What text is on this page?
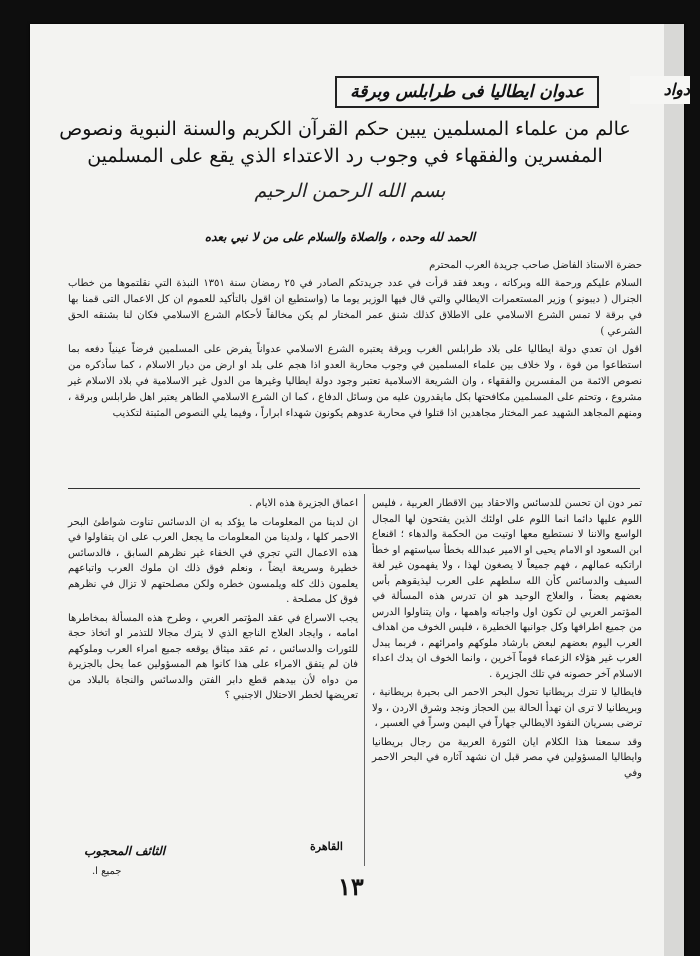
دواد
عدوان ايطاليا فى طرابلس وبرقة
عالم من علماء المسلمين يبين حكم القرآن الكريم والسنة النبوية ونصوص المفسرين والفقهاء في وجوب رد الاعتداء الذي يقع على المسلمين
بسم الله الرحمن الرحيم
الحمد لله وحده ، والصلاة والسلام على من لا نبي بعده

حضرة الاستاذ الفاضل صاحب جريدة العرب المحترم

السلام عليكم ورحمة الله وبركاته ، وبعد فقد قرأت في عدد جريدتكم الصادر في ٢٥ رمضان سنة ١٣٥١ النبذة التي نقلتموها من خطاب الجنرال ( ديبونو ) وزير المستعمرات الايطالي والتي قال فيها الوزير يوما ما (واستطيع ان اقول بالتأكيد للعموم ان كل الاعمال التى قمنا بها في برقة لا تمس الشرع الاسلامي على الاطلاق كذلك شنق عمر المختار لم يكن مخالفاً لأحكام الشرع الاسلامي فكان لنا بشنقه الحق الشرعي )

اقول ان تعدي دولة ايطاليا على بلاد طرابلس الغرب وبرقة يعتبره الشرع الاسلامي عدواناً يفرض على المسلمين فرضاً عينياً دفعه بما استطاعوا من قوة ، ولا خلاف بين علماء المسلمين في وجوب محاربة العدو اذا هجم على بلد او ارض من ديار الاسلام ، كما سأذكره من نصوص الائمة من المفسرين والفقهاء ، وان الشريعة الاسلامية تعتبر وجود دولة ايطاليا وغيرها من الدول غير الاسلامية في بلاد الاسلام غير مشروع ، وتحتم على المسلمين مكافحتها بكل مايقدرون عليه من وسائل الدفاع ، كما ان الشرع الاسلامي الطاهر يعتبر اهل طرابلس وبرقة ، ومنهم المجاهد الشهيد عمر المختار مجاهدين اذا قتلوا في محاربة عدوهم يكونون شهداء ابراراً ، وفيما يلي النصوص المثبتة لتكذيب

تمر دون ان تحسن للدسائس والاحقاد بين الاقطار العربية ، فليس اللوم عليها دائما انما اللوم على اولئك الذين يفتحون لها المجال الواسع والاننا لا نستطيع معها اوتيت من الحكمة والدهاء ؛ اقنعاع ابن السعود او الامام يحيى او الامير عبدالله بخطأ سياستهم او خطأ اراتكبه عمالهم ، فهم جميعاً لا يصغون لهذا ، ولا يفهمون غير لغة السيف والدسائس كأن الله سلطهم على العرب ليذيقوهم بأس بعضهم بعضاً ، والعلاج الوحيد هو ان تدرس هذه المسألة في المؤتمر العربي لن تكون اول واجباته واهمها ، وان يتناولوا الدرس من جميع اطرافها وكل جوانبها الخطيرة ، فليس الخوف من اهداف العرب اليوم بعضهم لبعض بارشاد ملوكهم وامرائهم ، فربما يبدل العرب غير هؤلاء الزعماء قوماً آخرين ، وانما الخوف ان يدك اعداء الاسلام آخر حصونه في تلك الجزيرة .

فايطاليا لا تترك بريطانيا تحول البحر الاحمر الى بحيرة بريطانية ، وبريطانيا لا ترى ان تهدأ الحالة بين الحجاز ونجد وشرق الاردن ، ولا ترضى بسريان النفوذ الايطالي جهاراً في اليمن وسراً في العسير ،

وقد سمعنا هذا الكلام ايان الثورة العربية من رجال بريطانيا وايطاليا المسؤولين في مصر قبل ان نشهد آثاره في البحر الاحمر وفي

اعماق الجزيرة هذه الايام .

ان لدينا من المعلومات ما يؤكد به ان الدسائس تناوت شواطئ البحر الاحمر كلها ، ولدينا من المعلومات ما يجعل العرب على ان يتفاولوا في هذه الاعمال التي تجري في الخفاء غير نظرهم السابق ، فالدسائس خطيرة وسريعة ايضاً ، ونعلم فوق ذلك ان ملوك العرب واتباعهم يعلمون ذلك كله ويلمسون خطره ولكن مصلحتهم لا تزال في نظرهم فوق كل مصلحة .

يجب الاسراع في عقد المؤتمر العربي ، وطرح هذه المسألة بمخاطرها امامه ، وايجاد العلاج الناجع الذي لا يترك مجالا للتذمر او اتخاذ حجة للثورات والدسائس ، ثم عقد ميثاق يوقعه جميع امراء العرب وملوكهم فان لم يتفق الامراء على هذا كانوا هم المسؤولين عما يحل بالجزيرة من دواه لأن بيدهم قطع دابر الفتن والدسائس والنجاة بالبلاد من تعريضها لخطر الاحتلال الاجنبي ؟

القاهرة
الثائف المحجوب
جميع ا.
١٣
